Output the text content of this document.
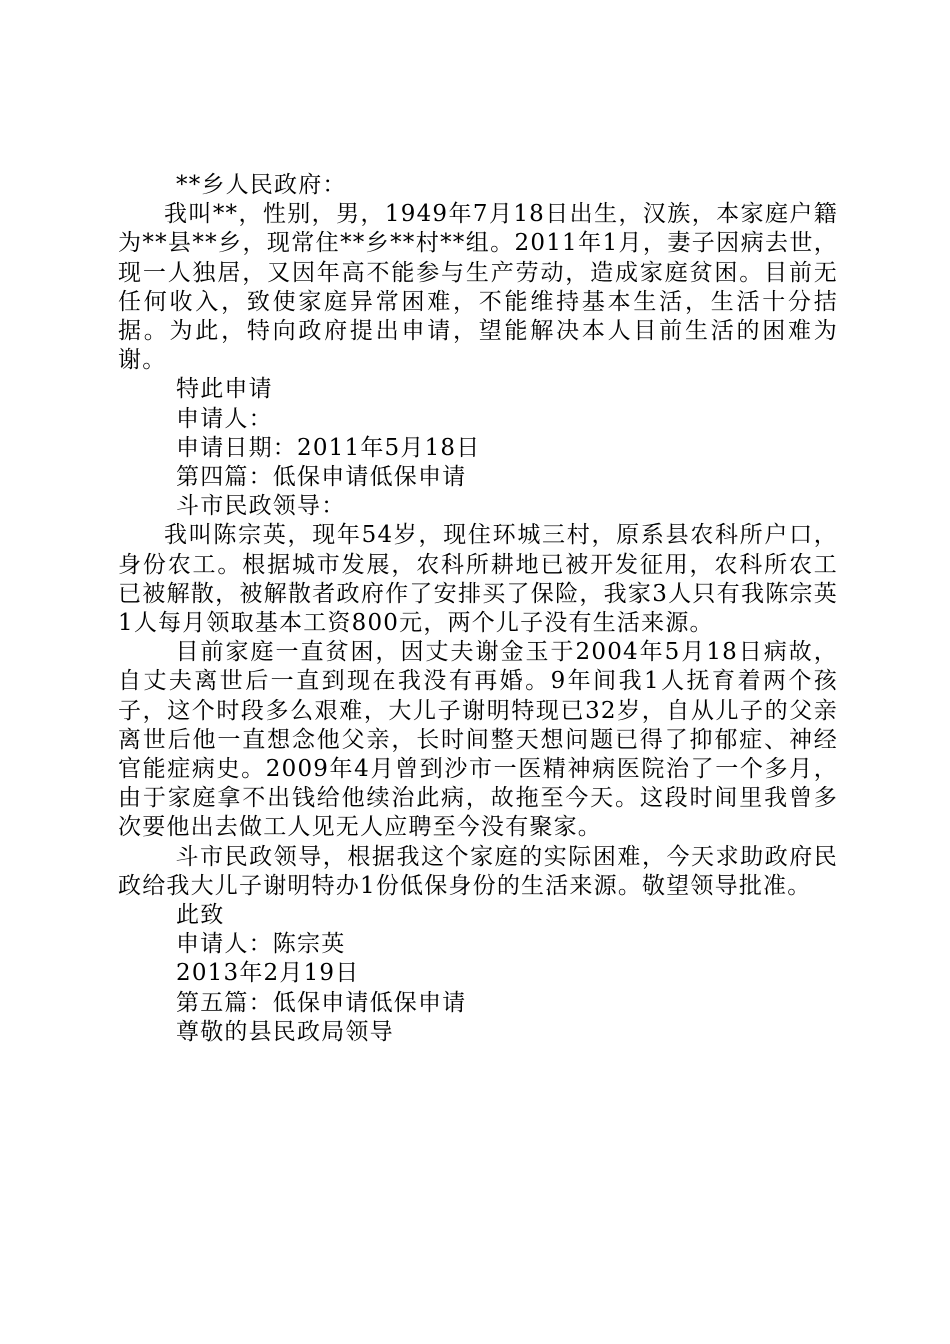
**乡人民政府：
我叫**，性别，男，1949年7月18日出生，汉族，本家庭户籍为**县**乡，现常住**乡**村**组。2011年1月，妻子因病去世，现一人独居，又因年高不能参与生产劳动，造成家庭贫困。目前无任何收入，致使家庭异常困难，不能维持基本生活，生活十分拮据。为此，特向政府提出申请，望能解决本人目前生活的困难为谢。
特此申请
申请人：
申请日期：2011年5月18日
第四篇：低保申请低保申请
斗市民政领导：
我叫陈宗英，现年54岁，现住环城三村，原系县农科所户口，身份农工。根据城市发展，农科所耕地已被开发征用，农科所农工已被解散，被解散者政府作了安排买了保险，我家3人只有我陈宗英1人每月领取基本工资800元，两个儿子没有生活来源。
目前家庭一直贫困，因丈夫谢金玉于2004年5月18日病故，自丈夫离世后一直到现在我没有再婚。9年间我1人抚育着两个孩子，这个时段多么艰难，大儿子谢明特现已32岁，自从儿子的父亲离世后他一直想念他父亲，长时间整天想问题已得了抑郁症、神经官能症病史。2009年4月曾到沙市一医精神病医院治了一个多月，由于家庭拿不出钱给他续治此病，故拖至今天。这段时间里我曾多次要他出去做工人见无人应聘至今没有聚家。
斗市民政领导，根据我这个家庭的实际困难，今天求助政府民政给我大儿子谢明特办1份低保身份的生活来源。敬望领导批准。
此致
申请人：陈宗英
2013年2月19日
第五篇：低保申请低保申请
尊敬的县民政局领导
